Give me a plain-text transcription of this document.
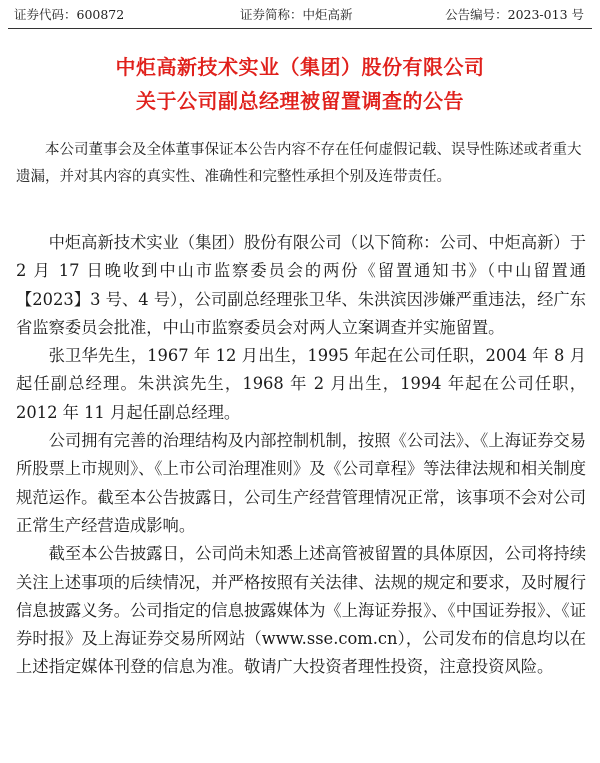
证券代码：600872	证券简称：中炬高新	公告编号：2023-013 号
中炬高新技术实业（集团）股份有限公司
关于公司副总经理被留置调查的公告

本公司董事会及全体董事保证本公告内容不存在任何虚假记载、误导性陈述或者重大遗漏，并对其内容的真实性、准确性和完整性承担个别及连带责任。

中炬高新技术实业（集团）股份有限公司（以下简称：公司、中炬高新）于 2 月 17 日晚收到中山市监察委员会的两份《留置通知书》（中山留置通【2023】3 号、4 号），公司副总经理张卫华、朱洪滨因涉嫌严重违法，经广东省监察委员会批准，中山市监察委员会对两人立案调查并实施留置。

张卫华先生，1967 年 12 月出生，1995 年起在公司任职，2004 年 8 月起任副总经理。朱洪滨先生，1968 年 2 月出生，1994 年起在公司任职，2012 年 11 月起任副总经理。

公司拥有完善的治理结构及内部控制机制，按照《公司法》、《上海证券交易所股票上市规则》、《上市公司治理准则》及《公司章程》等法律法规和相关制度规范运作。截至本公告披露日，公司生产经营管理情况正常，该事项不会对公司正常生产经营造成影响。

截至本公告披露日，公司尚未知悉上述高管被留置的具体原因，公司将持续关注上述事项的后续情况，并严格按照有关法律、法规的规定和要求，及时履行信息披露义务。公司指定的信息披露媒体为《上海证券报》、《中国证券报》、《证券时报》及上海证券交易所网站（www.sse.com.cn），公司发布的信息均以在上述指定媒体刊登的信息为准。敬请广大投资者理性投资，注意投资风险。
